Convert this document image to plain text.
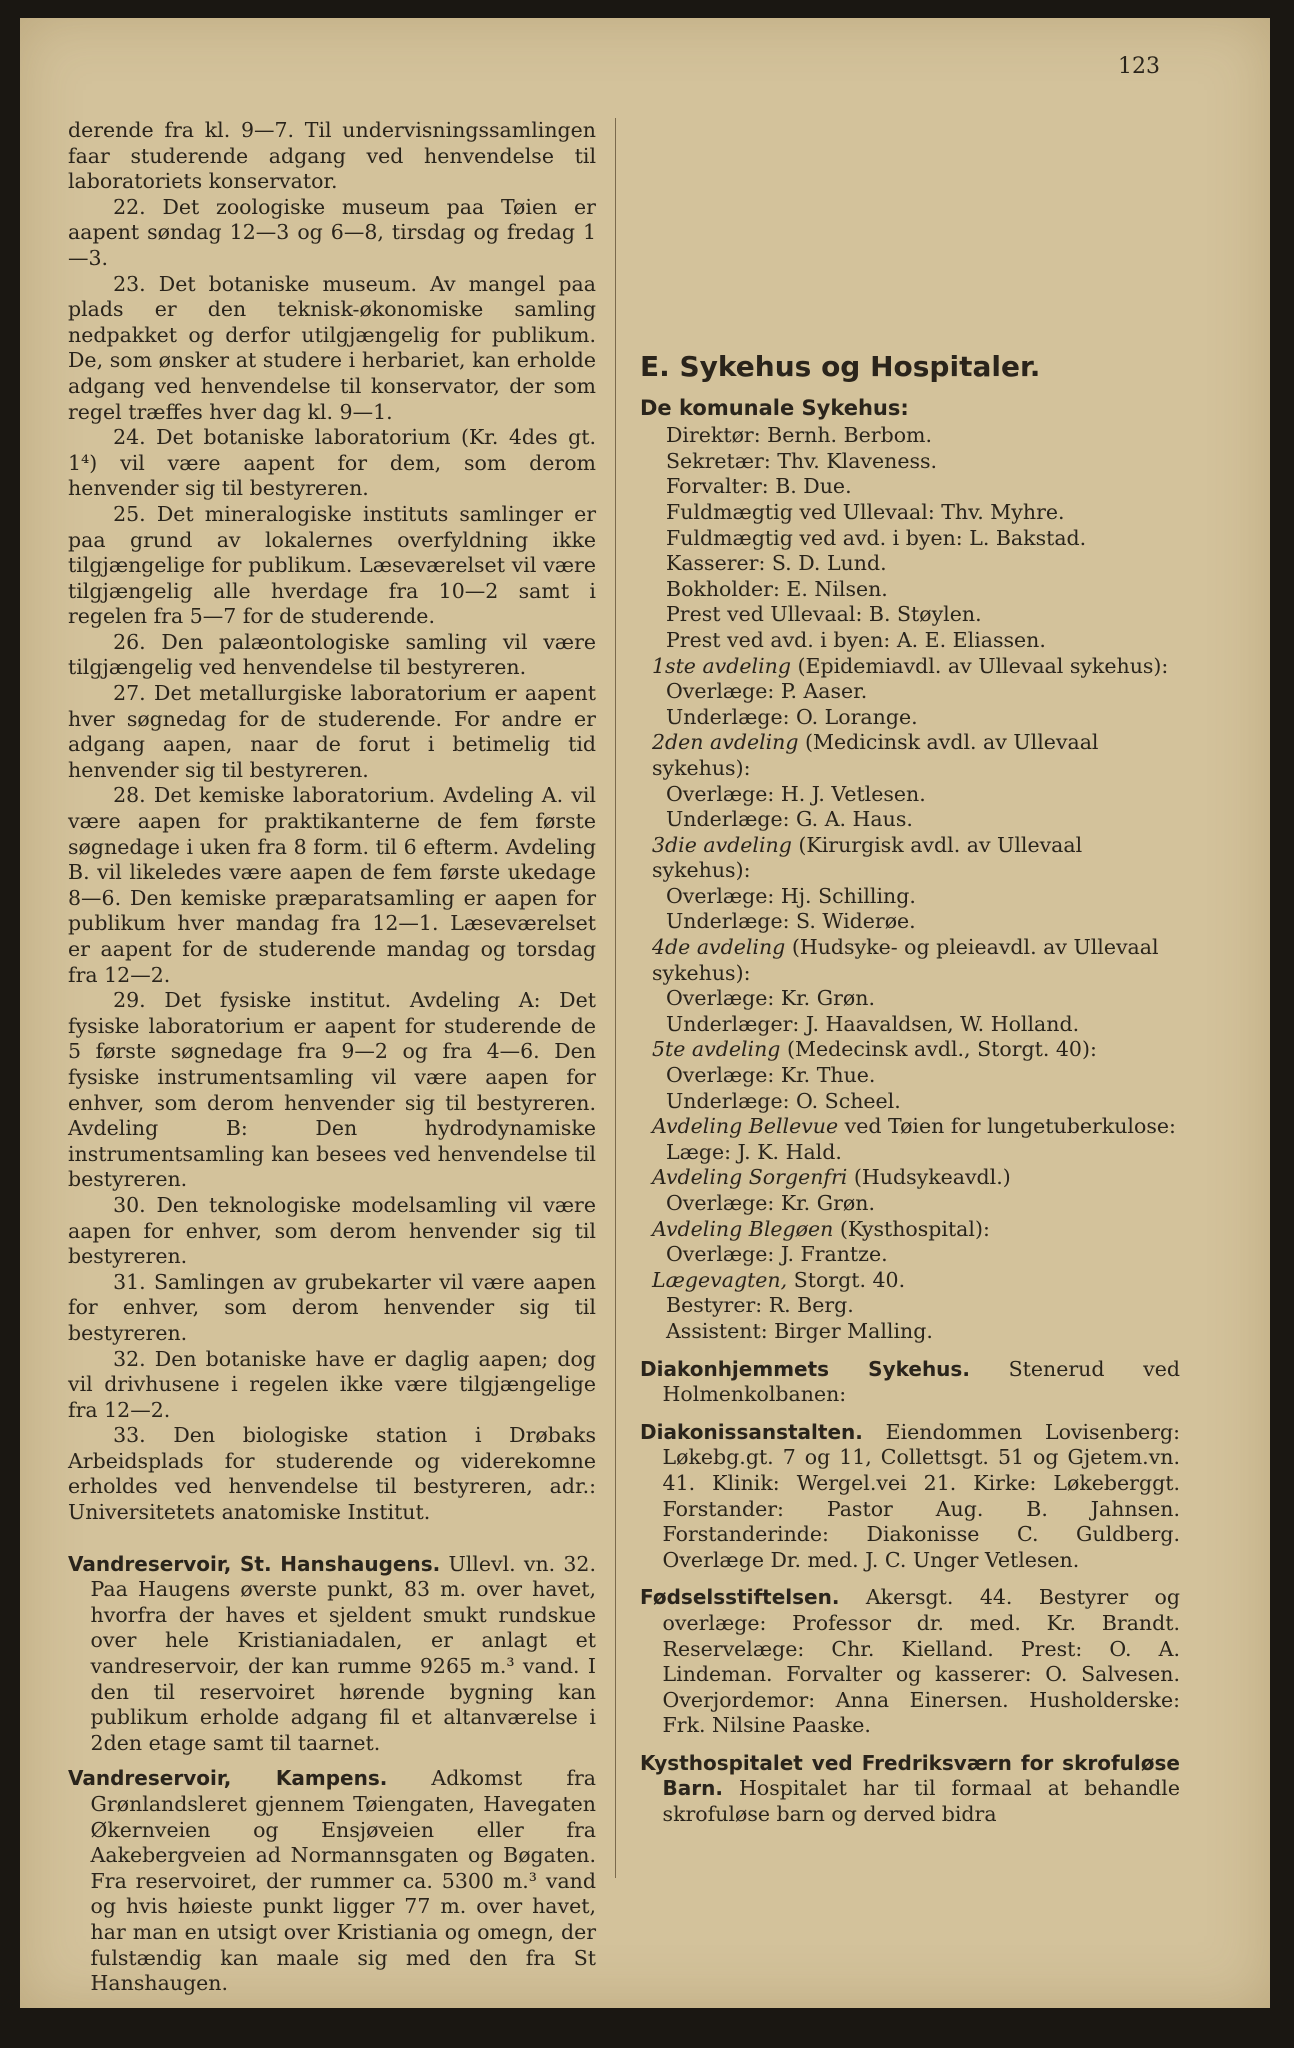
123

derende fra kl. 9—7. Til undervisningssamlingen faar studerende adgang ved henvendelse til laboratoriets konservator.

22. Det zoologiske museum paa Tøien er aapent søndag 12—3 og 6—8, tirsdag og fredag 1—3.

23. Det botaniske museum. Av mangel paa plads er den teknisk-økonomiske samling nedpakket og derfor utilgjængelig for publikum. De, som ønsker at studere i herbariet, kan erholde adgang ved henvendelse til konservator, der som regel træffes hver dag kl. 9—1.

24. Det botaniske laboratorium (Kr. 4des gt. 1⁴) vil være aapent for dem, som derom henvender sig til bestyreren.

25. Det mineralogiske instituts samlinger er paa grund av lokalernes overfyldning ikke tilgjængelige for publikum. Læseværelset vil være tilgjængelig alle hverdage fra 10—2 samt i regelen fra 5—7 for de studerende.

26. Den palæontologiske samling vil være tilgjængelig ved henvendelse til bestyreren.

27. Det metallurgiske laboratorium er aapent hver søgnedag for de studerende. For andre er adgang aapen, naar de forut i betimelig tid henvender sig til bestyreren.

28. Det kemiske laboratorium. Avdeling A. vil være aapen for praktikanterne de fem første søgnedage i uken fra 8 form. til 6 efterm. Avdeling B. vil likeledes være aapen de fem første ukedage 8—6. Den kemiske præparatsamling er aapen for publikum hver mandag fra 12—1. Læseværelset er aapent for de studerende mandag og torsdag fra 12—2.

29. Det fysiske institut. Avdeling A: Det fysiske laboratorium er aapent for studerende de 5 første søgnedage fra 9—2 og fra 4—6. Den fysiske instrumentsamling vil være aapen for enhver, som derom henvender sig til bestyreren. Avdeling B: Den hydrodynamiske instrumentsamling kan besees ved henvendelse til bestyreren.

30. Den teknologiske modelsamling vil være aapen for enhver, som derom henvender sig til bestyreren.

31. Samlingen av grubekarter vil være aapen for enhver, som derom henvender sig til bestyreren.

32. Den botaniske have er daglig aapen; dog vil drivhusene i regelen ikke være tilgjængelige fra 12—2.

33. Den biologiske station i Drøbaks Arbeidsplads for studerende og viderekomne erholdes ved henvendelse til bestyreren, adr.: Universitetets anatomiske Institut.

Vandreservoir, St. Hanshaugens. Ullevl. vn. 32. Paa Haugens øverste punkt, 83 m. over havet, hvorfra der haves et sjeldent smukt rundskue over hele Kristianiadalen, er anlagt et vandreservoir, der kan rumme 9265 m.³ vand. I den til reservoiret hørende bygning kan publikum erholde adgang fil et altanværelse i 2den etage samt til taarnet.

Vandreservoir, Kampens. Adkomst fra Grønlandsleret gjennem Tøiengaten, Havegaten Økernveien og Ensjøveien eller fra Aakebergveien ad Normannsgaten og Bøgaten. Fra reservoiret, der rummer ca. 5300 m.³ vand og hvis høieste punkt ligger 77 m. over havet, har man en utsigt over Kristiania og omegn, der fulstændig kan maale sig med den fra St Hanshaugen.

E. Sykehus og Hospitaler.
De komunale Sykehus:
Direktør: Bernh. Berbom.
Sekretær: Thv. Klaveness.
Forvalter: B. Due.
Fuldmægtig ved Ullevaal: Thv. Myhre.
Fuldmægtig ved avd. i byen: L. Bakstad.
Kasserer: S. D. Lund.
Bokholder: E. Nilsen.
Prest ved Ullevaal: B. Støylen.
Prest ved avd. i byen: A. E. Eliassen.
1ste avdeling (Epidemiavdl. av Ullevaal sykehus):
Overlæge: P. Aaser.
Underlæge: O. Lorange.
2den avdeling (Medicinsk avdl. av Ullevaal sykehus):
Overlæge: H. J. Vetlesen.
Underlæge: G. A. Haus.
3die avdeling (Kirurgisk avdl. av Ullevaal sykehus):
Overlæge: Hj. Schilling.
Underlæge: S. Widerøe.
4de avdeling (Hudsyke- og pleieavdl. av Ullevaal sykehus):
Overlæge: Kr. Grøn.
Underlæger: J. Haavaldsen, W. Holland.
5te avdeling (Medecinsk avdl., Storgt. 40):
Overlæge: Kr. Thue.
Underlæge: O. Scheel.
Avdeling Bellevue ved Tøien for lungetuberkulose:
Læge: J. K. Hald.
Avdeling Sorgenfri (Hudsykeavdl.)
Overlæge: Kr. Grøn.
Avdeling Blegøen (Kysthospital):
Overlæge: J. Frantze.
Lægevagten, Storgt. 40.
Bestyrer: R. Berg.
Assistent: Birger Malling.

Diakonhjemmets Sykehus. Stenerud ved Holmenkolbanen:

Diakonissanstalten. Eiendommen Lovisenberg: Løkebg.gt. 7 og 11, Collettsgt. 51 og Gjetem.vn. 41. Klinik: Wergel.vei 21. Kirke: Løkeberggt. Forstander: Pastor Aug. B. Jahnsen. Forstanderinde: Diakonisse C. Guldberg. Overlæge Dr. med. J. C. Unger Vetlesen.

Fødselsstiftelsen. Akersgt. 44. Bestyrer og overlæge: Professor dr. med. Kr. Brandt. Reservelæge: Chr. Kielland. Prest: O. A. Lindeman. Forvalter og kasserer: O. Salvesen. Overjordemor: Anna Einersen. Husholderske: Frk. Nilsine Paaske.

Kysthospitalet ved Fredriksværn for skrofuløse Barn. Hospitalet har til formaal at behandle skrofuløse barn og derved bidra
